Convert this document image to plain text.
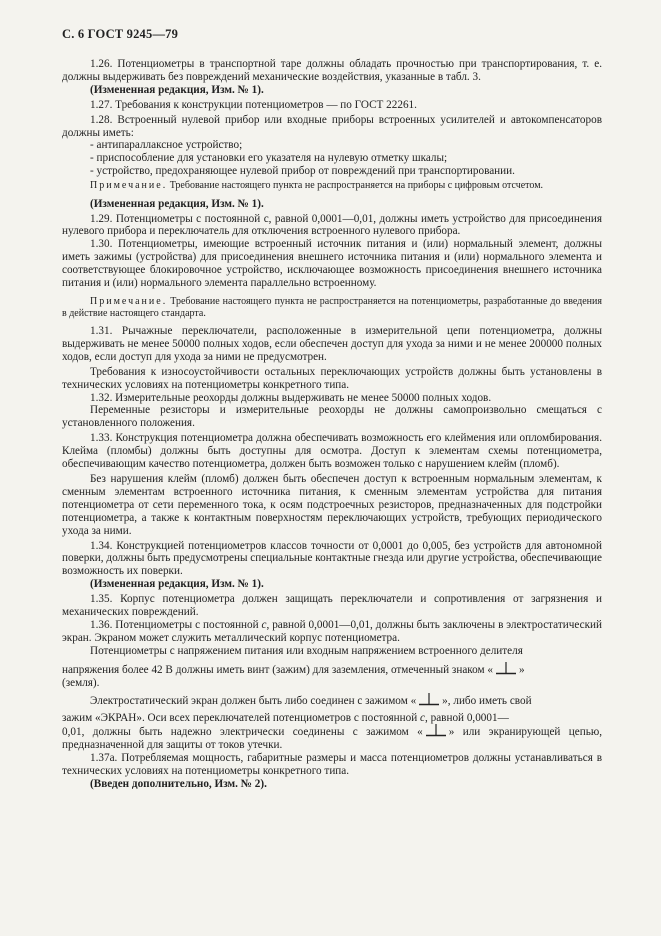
С. 6 ГОСТ 9245—79

1.26. Потенциометры в транспортной таре должны обладать прочностью при транспортирования, т. е. должны выдерживать без повреждений механические воздействия, указанные в табл. 3.

(Измененная редакция, Изм. № 1).

1.27. Требования к конструкции потенциометров — по ГОСТ 22261.

1.28. Встроенный нулевой прибор или входные приборы встроенных усилителей и автокомпенсаторов должны иметь:

- антипараллаксное устройство;

- приспособление для установки его указателя на нулевую отметку шкалы;

- устройство, предохраняющее нулевой прибор от повреждений при транспортировании.

Примечание. Требование настоящего пункта не распространяется на приборы с цифровым отсчетом.

(Измененная редакция, Изм. № 1).

1.29. Потенциометры с постоянной с, равной 0,0001—0,01, должны иметь устройство для присоединения нулевого прибора и переключатель для отключения встроенного нулевого прибора.

1.30. Потенциометры, имеющие встроенный источник питания и (или) нормальный элемент, должны иметь зажимы (устройства) для присоединения внешнего источника питания и (или) нормального элемента и соответствующее блокировочное устройство, исключающее возможность присоединения внешнего источника питания и (или) нормального элемента параллельно встроенному.

Примечание. Требование настоящего пункта не распространяется на потенциометры, разработанные до введения в действие настоящего стандарта.

1.31. Рычажные переключатели, расположенные в измерительной цепи потенциометра, должны выдерживать не менее 50000 полных ходов, если обеспечен доступ для ухода за ними и не менее 200000 полных ходов, если доступ для ухода за ними не предусмотрен.

Требования к износоустойчивости остальных переключающих устройств должны быть установлены в технических условиях на потенциометры конкретного типа.

1.32. Измерительные реохорды должны выдерживать не менее 50000 полных ходов.

Переменные резисторы и измерительные реохорды не должны самопроизвольно смещаться с установленного положения.

1.33. Конструкция потенциометра должна обеспечивать возможность его клеймения или опломбирования. Клейма (пломбы) должны быть доступны для осмотра. Доступ к элементам схемы потенциометра, обеспечивающим качество потенциометра, должен быть возможен только с нарушением клейм (пломб).

Без нарушения клейм (пломб) должен быть обеспечен доступ к встроенным нормальным элементам, к сменным элементам встроенного источника питания, к сменным элементам устройства для питания потенциометра от сети переменного тока, к осям подстроечных резисторов, предназначенных для подстройки потенциометра, а также к контактным поверхностям переключающих устройств, требующих периодического ухода за ними.

1.34. Конструкцией потенциометров классов точности от 0,0001 до 0,005, без устройств для автономной поверки, должны быть предусмотрены специальные контактные гнезда или другие устройства, обеспечивающие возможность их поверки.

(Измененная редакция, Изм. № 1).

1.35. Корпус потенциометра должен защищать переключатели и сопротивления от загрязнения и механических повреждений.

1.36. Потенциометры с постоянной с, равной 0,0001—0,01, должны быть заключены в электростатический экран. Экраном может служить металлический корпус потенциометра.

Потенциометры с напряжением питания или входным напряжением встроенного делителя

напряжения более 42 В должны иметь винт (зажим) для заземления, отмеченный знаком « »

(земля).

Электростатический экран должен быть либо соединен с зажимом « », либо иметь свой

зажим «ЭКРАН». Оси всех переключателей потенциометров с постоянной с, равной 0,0001—

0,01, должны быть надежно электрически соединены с зажимом « » или экранирующей цепью, предназначенной для защиты от токов утечки.

1.37а. Потребляемая мощность, габаритные размеры и масса потенциометров должны устанавливаться в технических условиях на потенциометры конкретного типа.

(Введен дополнительно, Изм. № 2).
